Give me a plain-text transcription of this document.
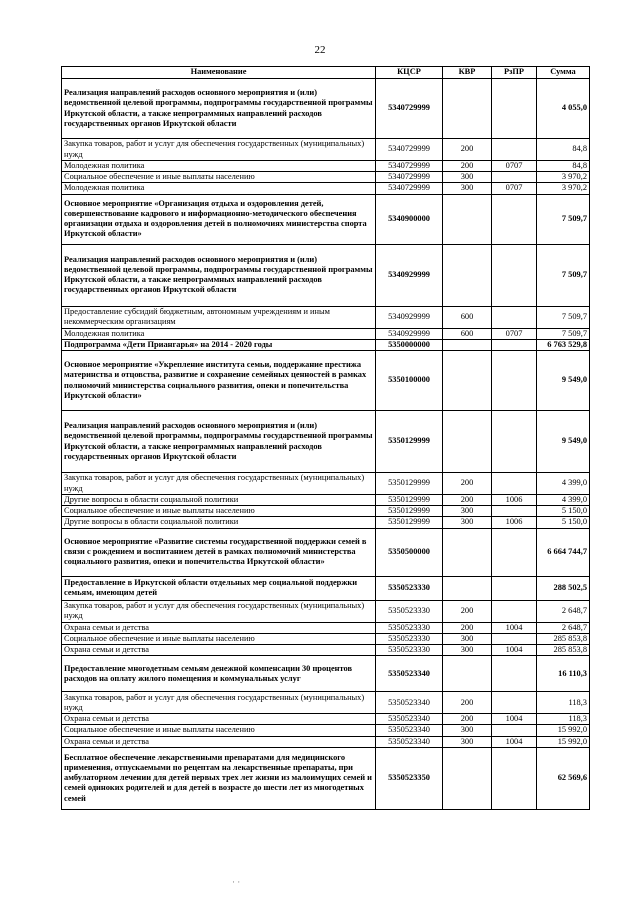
22
Наименование	КЦСР	КВР	РзПР	Сумма
Реализация направлений расходов основного мероприятия и (или) ведомственной целевой программы, подпрограммы государственной программы Иркутской области, а также непрограммных направлений расходов государственных органов Иркутской области	5340729999			4 055,0
Закупка товаров, работ и услуг для обеспечения государственных (муниципальных) нужд	5340729999	200		84,8
Молодежная политика	5340729999	200	0707	84,8
Социальное обеспечение и иные выплаты населению	5340729999	300		3 970,2
Молодежная политика	5340729999	300	0707	3 970,2
Основное мероприятие «Организация отдыха и оздоровления детей, совершенствование кадрового и информационно-методического обеспечения организации отдыха и оздоровления детей в полномочиях министерства спорта Иркутской области»	5340900000			7 509,7
Реализация направлений расходов основного мероприятия и (или) ведомственной целевой программы, подпрограммы государственной программы Иркутской области, а также непрограммных направлений расходов государственных органов Иркутской области	5340929999			7 509,7
Предоставление субсидий бюджетным, автономным учреждениям и иным некоммерческим организациям	5340929999	600		7 509,7
Молодежная политика	5340929999	600	0707	7 509,7
Подпрограмма «Дети Приангарья» на 2014 - 2020 годы	5350000000			6 763 529,8
Основное мероприятие «Укрепление института семьи, поддержание престижа материнства и отцовства, развитие и сохранение семейных ценностей в рамках полномочий министерства социального развития, опеки и попечительства Иркутской области»	5350100000			9 549,0
Реализация направлений расходов основного мероприятия и (или) ведомственной целевой программы, подпрограммы государственной программы Иркутской области, а также непрограммных направлений расходов государственных органов Иркутской области	5350129999			9 549,0
Закупка товаров, работ и услуг для обеспечения государственных (муниципальных) нужд	5350129999	200		4 399,0
Другие вопросы в области социальной политики	5350129999	200	1006	4 399,0
Социальное обеспечение и иные выплаты населению	5350129999	300		5 150,0
Другие вопросы в области социальной политики	5350129999	300	1006	5 150,0
Основное мероприятие «Развитие системы государственной поддержки семей в связи с рождением и воспитанием детей в рамках полномочий министерства социального развития, опеки и попечительства Иркутской области»	5350500000			6 664 744,7
Предоставление в Иркутской области отдельных мер социальной поддержки семьям, имеющим детей	5350523330			288 502,5
Закупка товаров, работ и услуг для обеспечения государственных (муниципальных) нужд	5350523330	200		2 648,7
Охрана семьи и детства	5350523330	200	1004	2 648,7
Социальное обеспечение и иные выплаты населению	5350523330	300		285 853,8
Охрана семьи и детства	5350523330	300	1004	285 853,8
Предоставление многодетным семьям денежной компенсации 30 процентов расходов на оплату жилого помещения и коммунальных услуг	5350523340			16 110,3
Закупка товаров, работ и услуг для обеспечения государственных (муниципальных) нужд	5350523340	200		118,3
Охрана семьи и детства	5350523340	200	1004	118,3
Социальное обеспечение и иные выплаты населению	5350523340	300		15 992,0
Охрана семьи и детства	5350523340	300	1004	15 992,0
Бесплатное обеспечение лекарственными препаратами для медицинского применения, отпускаемыми по рецептам на лекарственные препараты, при амбулаторном лечении для детей первых трех лет жизни из малоимущих семей и семей одиноких родителей и для детей в возрасте до шести лет из многодетных семей	5350523350			62 569,6
· ·
